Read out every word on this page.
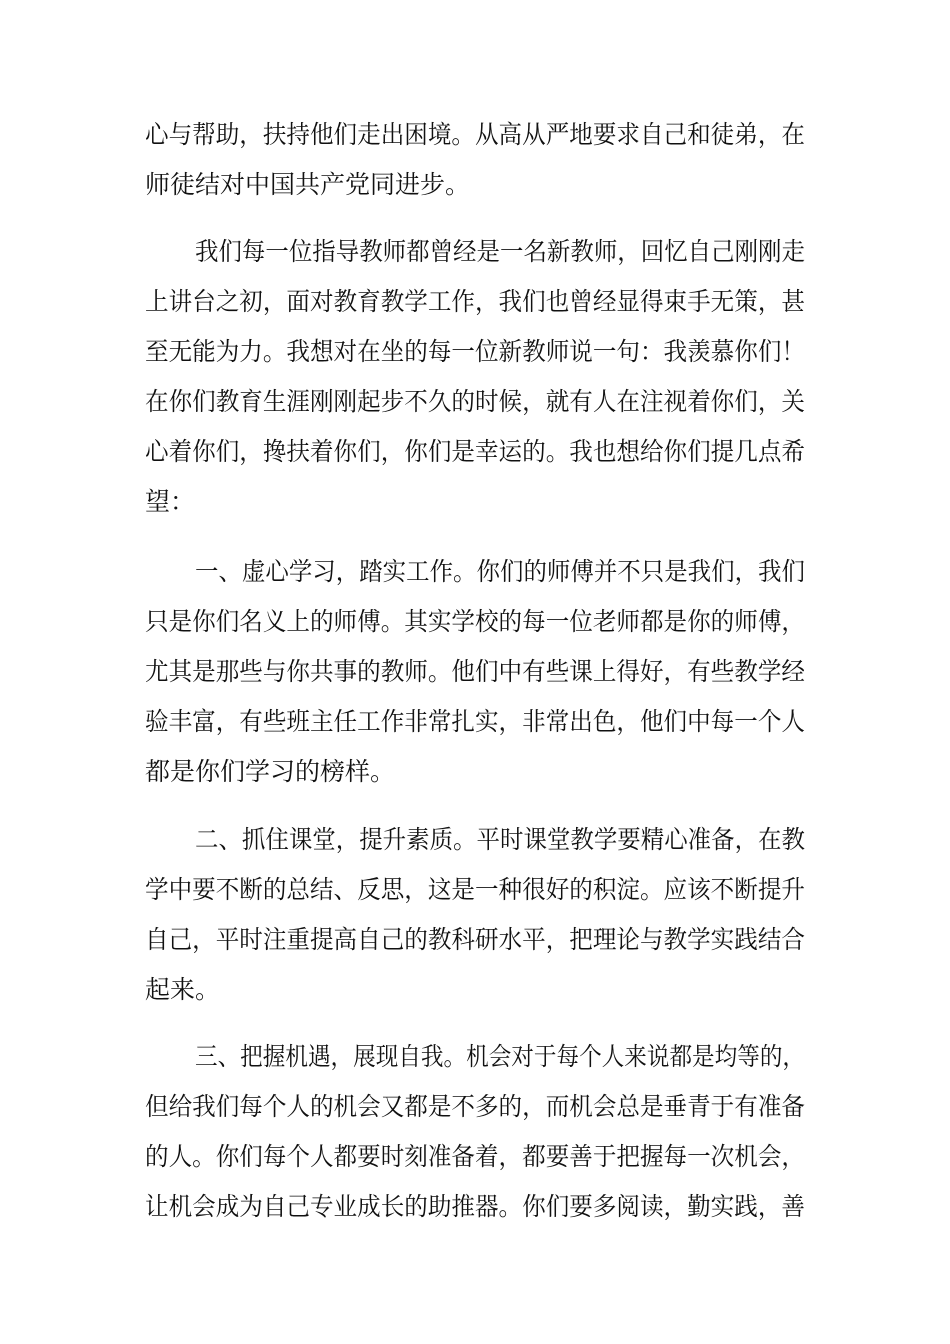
心与帮助，扶持他们走出困境。从高从严地要求自己和徒弟，在
师徒结对中国共产党同进步。
我们每一位指导教师都曾经是一名新教师，回忆自己刚刚走
上讲台之初，面对教育教学工作，我们也曾经显得束手无策，甚
至无能为力。我想对在坐的每一位新教师说一句：我羡慕你们！
在你们教育生涯刚刚起步不久的时候，就有人在注视着你们，关
心着你们，搀扶着你们，你们是幸运的。我也想给你们提几点希
望：
一、虚心学习，踏实工作。你们的师傅并不只是我们，我们
只是你们名义上的师傅。其实学校的每一位老师都是你的师傅，
尤其是那些与你共事的教师。他们中有些课上得好，有些教学经
验丰富，有些班主任工作非常扎实，非常出色，他们中每一个人
都是你们学习的榜样。
二、抓住课堂，提升素质。平时课堂教学要精心准备，在教
学中要不断的总结、反思，这是一种很好的积淀。应该不断提升
自己，平时注重提高自己的教科研水平，把理论与教学实践结合
起来。
三、把握机遇，展现自我。机会对于每个人来说都是均等的，
但给我们每个人的机会又都是不多的，而机会总是垂青于有准备
的人。你们每个人都要时刻准备着，都要善于把握每一次机会，
让机会成为自己专业成长的助推器。你们要多阅读，勤实践，善
